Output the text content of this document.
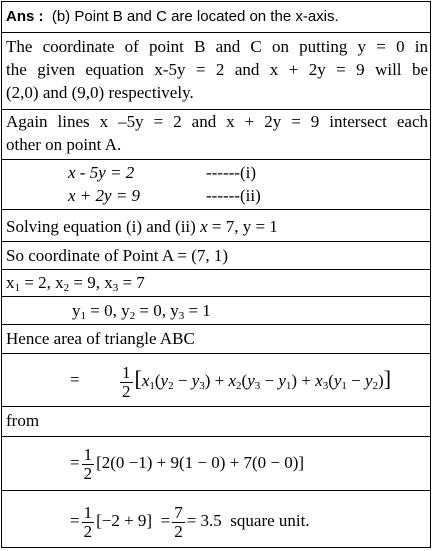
Ans : (b) Point B and C are located on the x-axis.
The coordinate of point B and C on putting y = 0 in
the given equation x-5y = 2 and x + 2y = 9 will be
(2,0) and (9,0) respectively.
Again lines x –5y = 2 and x + 2y = 9 intersect each
other on point A.
x - 5y = 2	------(i)
x + 2y = 9	------(ii)
Solving equation (i) and (ii) x = 7, y = 1
So coordinate of Point A = (7, 1)
$x_1 = 2$, $x_2 = 9$, $x_3 = 7$
$y_1 = 0$, $y_2 = 0$, $y_3 = 1$
Hence area of triangle ABC
= $\frac{1}{2} [x_1(y_2 - y_3) + x_2(y_3 - y_1) + x_3(y_1 - y_2)]$
from
= $\frac{1}{2} [2(0 -1) + 9(1 - 0) + 7(0 - 0)]$
= $\frac{1}{2} [-2 + 9] = \frac{7}{2} = 3.5$ square unit.
